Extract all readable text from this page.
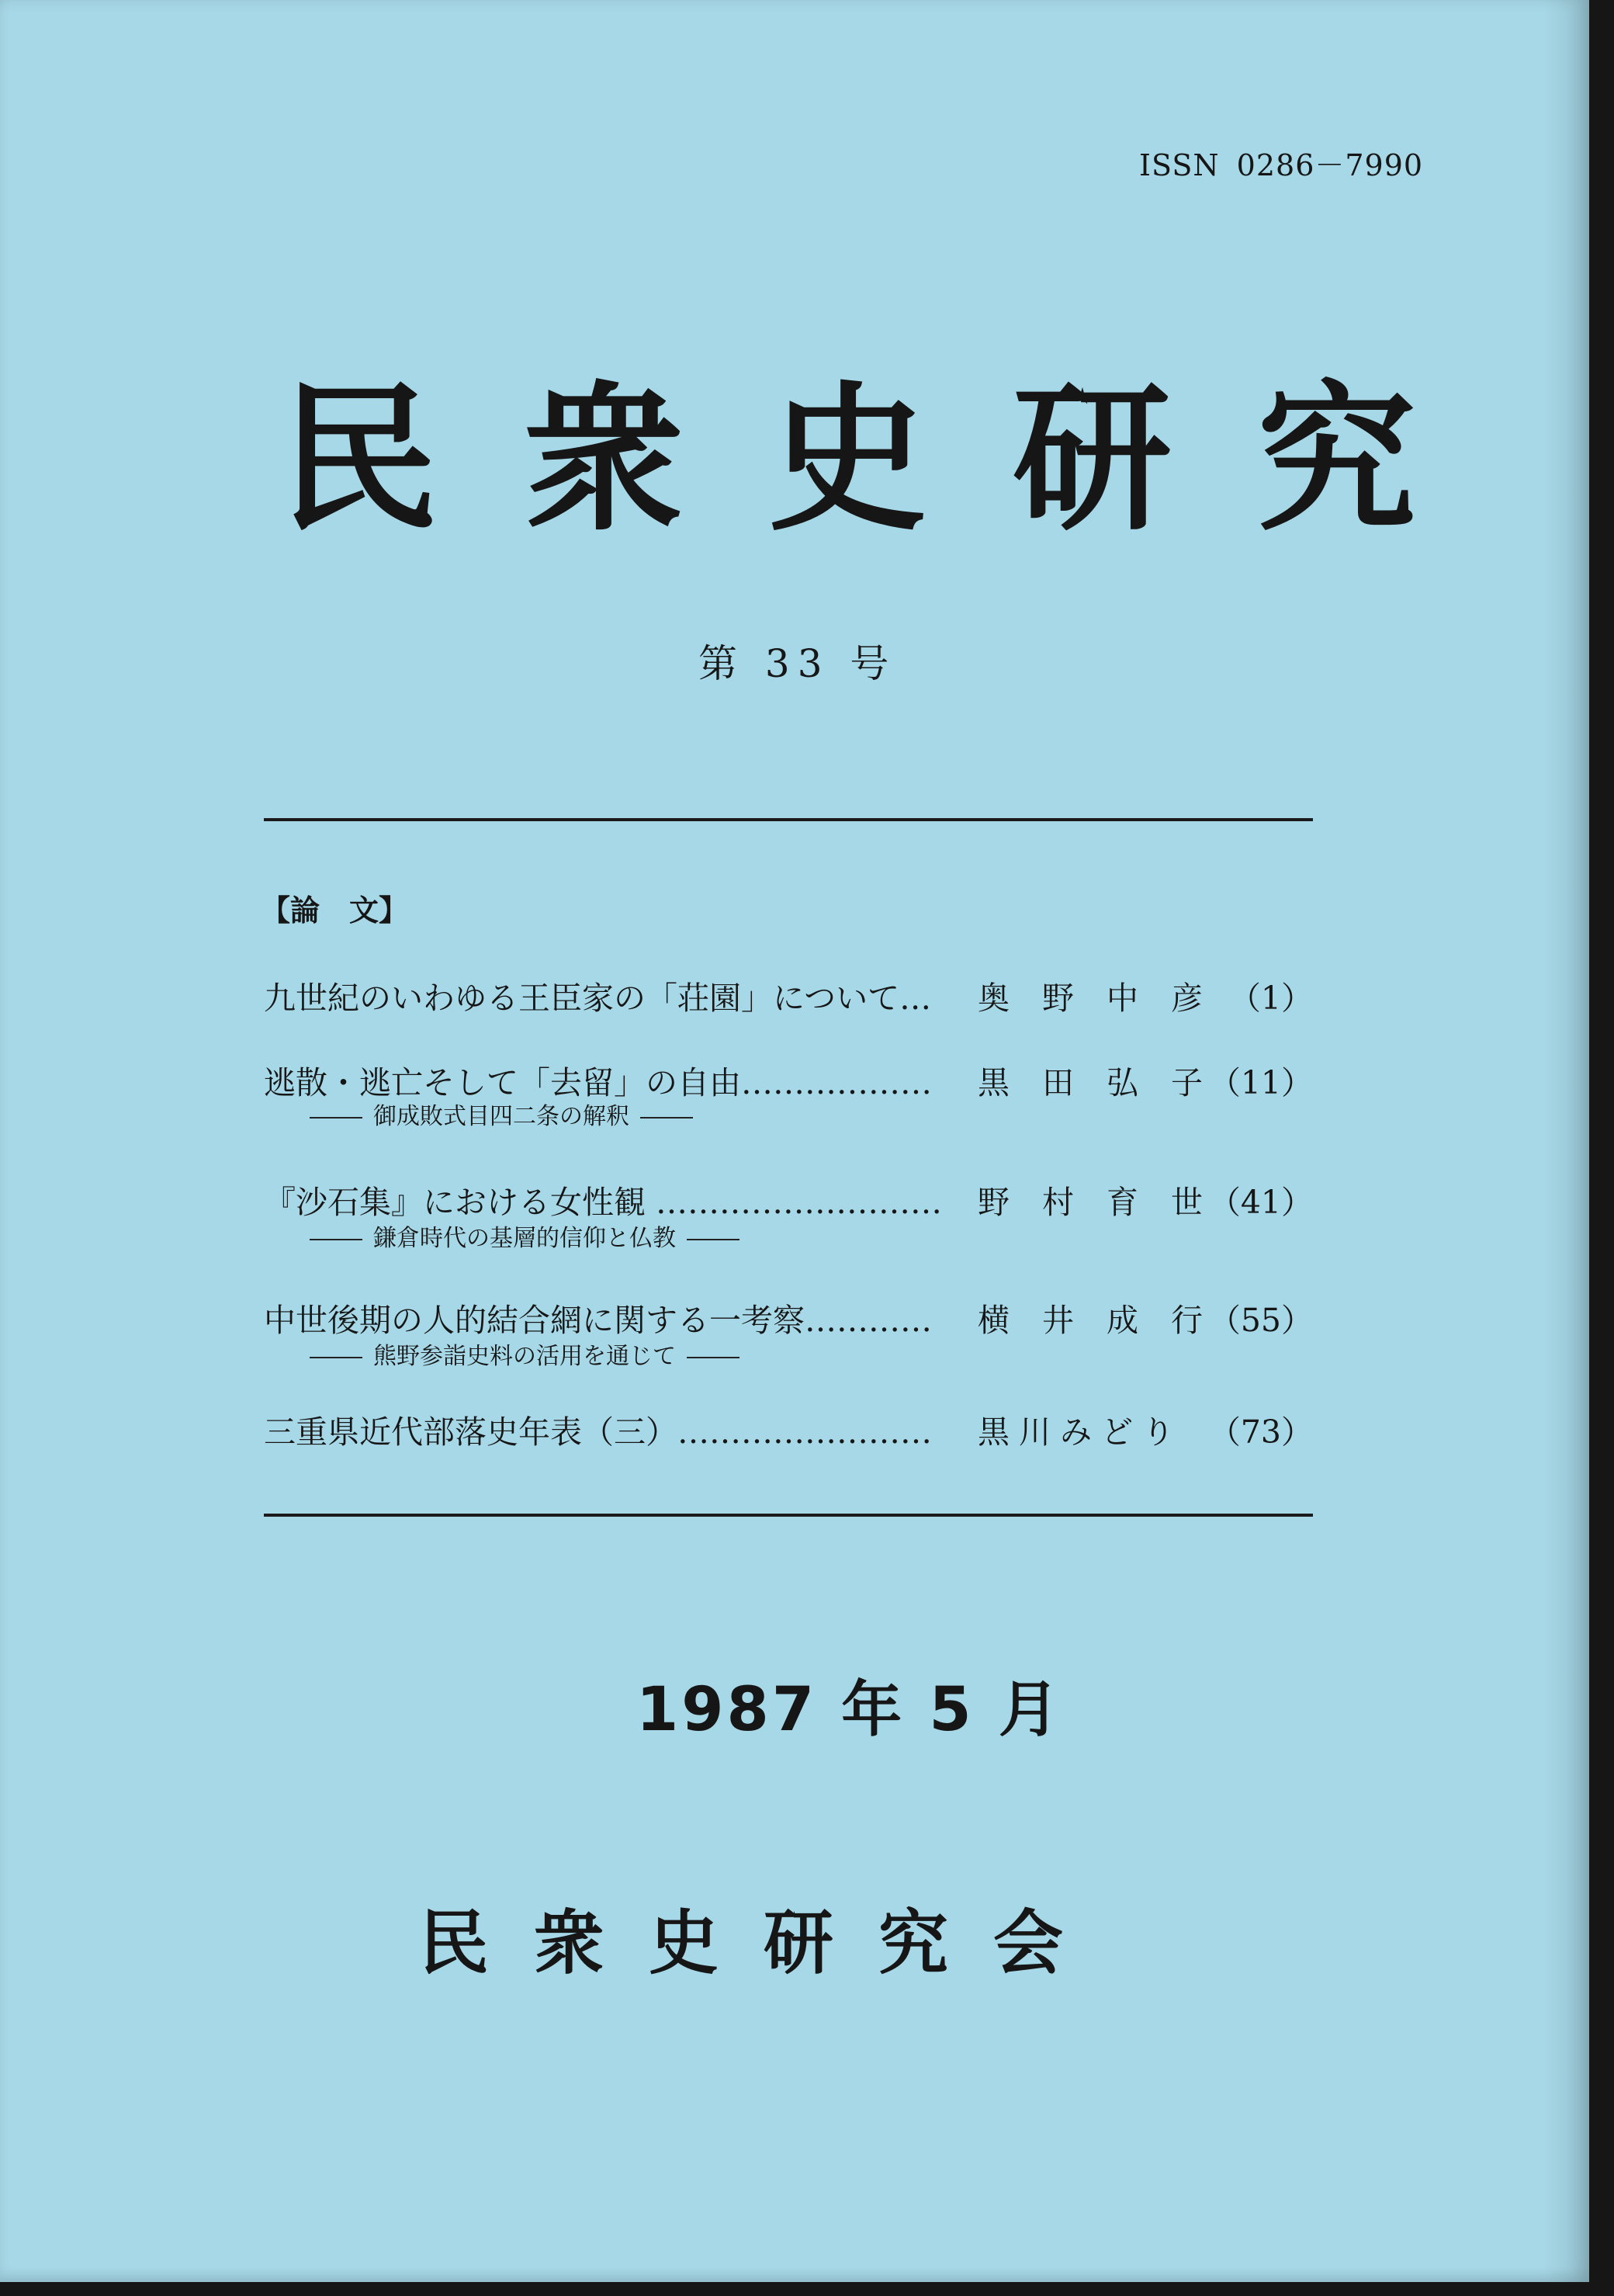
ISSN 0286－7990
民衆史研究
第 33 号
【論　文】
九世紀のいわゆる王臣家の「荘園」について… 奥野中彦
（1）
逃散・逃亡そして「去留」の自由……………… 黒田弘子
（11）
御成敗式目四二条の解釈
『沙石集』における女性観 ……………………… 野村育世
（41）
鎌倉時代の基層的信仰と仏教
中世後期の人的結合網に関する一考察………… 横井成行
（55）
熊野参詣史料の活用を通じて
三重県近代部落史年表（三）…………………… 黒川みどり （73）
1987 年 5 月
民衆史研究会
